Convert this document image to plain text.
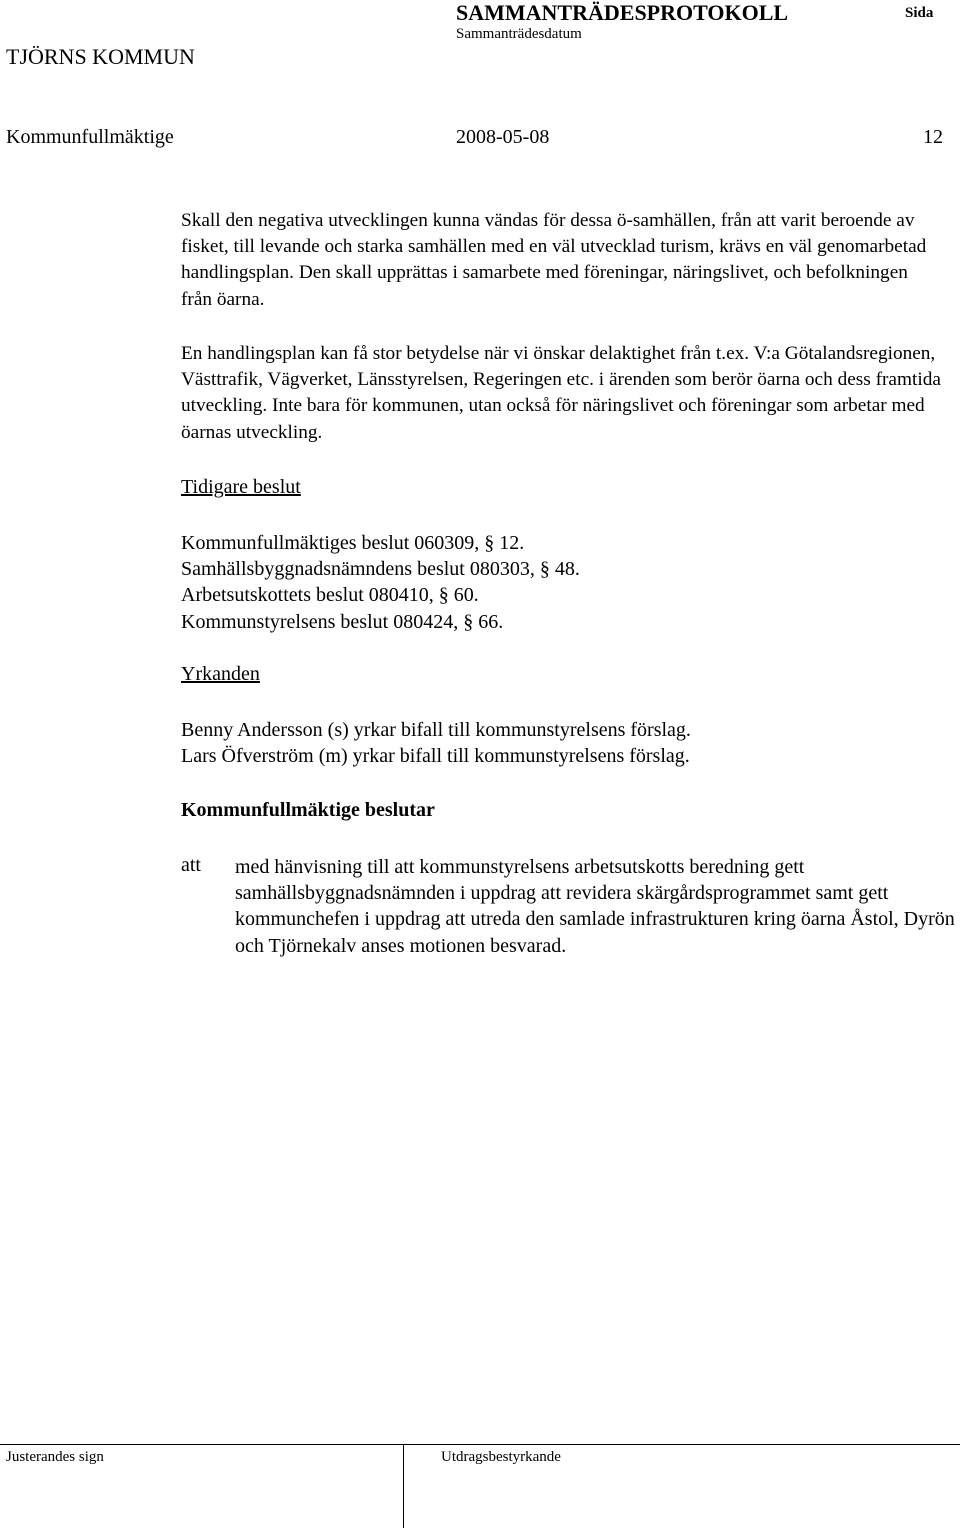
SAMMANTRÄDESPROTOKOLL	Sida
Sammanträdesdatum
TJÖRNS KOMMUN
Kommunfullmäktige	2008-05-08	12
Skall den negativa utvecklingen kunna vändas för dessa ö-samhällen, från att varit beroende av fisket, till levande och starka samhällen med en väl utvecklad turism, krävs en väl genomarbetad handlingsplan. Den skall upprättas i samarbete med föreningar, näringslivet, och befolkningen från öarna.
En handlingsplan kan få stor betydelse när vi önskar delaktighet från t.ex. V:a Götalandsregionen, Västtrafik, Vägverket, Länsstyrelsen, Regeringen etc. i ärenden som berör öarna och dess framtida utveckling. Inte bara för kommunen, utan också för näringslivet och föreningar som arbetar med öarnas utveckling.
Tidigare beslut
Kommunfullmäktiges beslut 060309, § 12.
Samhällsbyggnadsnämndens beslut 080303, § 48.
Arbetsutskottets beslut 080410, § 60.
Kommunstyrelsens beslut 080424, § 66.
Yrkanden
Benny Andersson (s) yrkar bifall till kommunstyrelsens förslag.
Lars Öfverström (m) yrkar bifall till kommunstyrelsens förslag.
Kommunfullmäktige beslutar
att med hänvisning till att kommunstyrelsens arbetsutskotts beredning gett samhällsbyggnadsnämnden i uppdrag att revidera skärgårdsprogrammet samt gett kommunchefen i uppdrag att utreda den samlade infrastrukturen kring öarna Åstol, Dyrön och Tjörnekalv anses motionen besvarad.
Justerandes sign	Utdragsbestyrkande
